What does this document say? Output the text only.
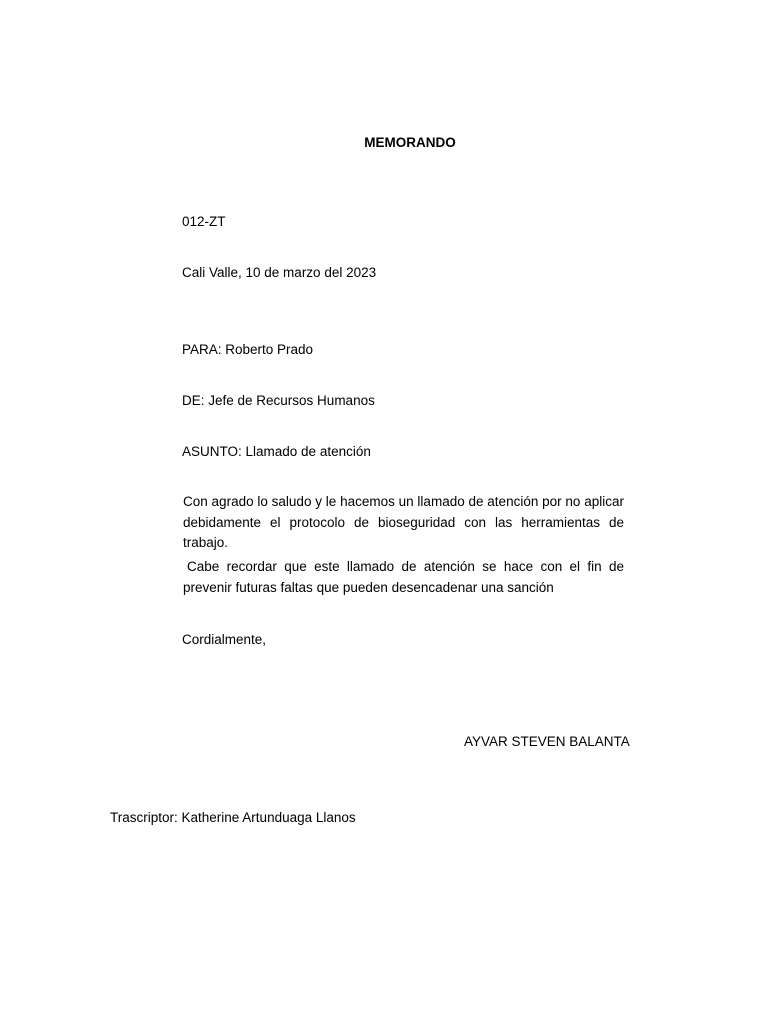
MEMORANDO
012-ZT
Cali Valle, 10 de marzo del 2023
PARA: Roberto Prado
DE: Jefe de Recursos Humanos
ASUNTO: Llamado de atención
Con agrado lo saludo y le hacemos un llamado de atención por no aplicar debidamente el protocolo de bioseguridad con las herramientas de trabajo.
Cabe recordar que este llamado de atención se hace con el fin de prevenir futuras faltas que pueden desencadenar una sanción
Cordialmente,
AYVAR STEVEN BALANTA
Trascriptor: Katherine Artunduaga Llanos
